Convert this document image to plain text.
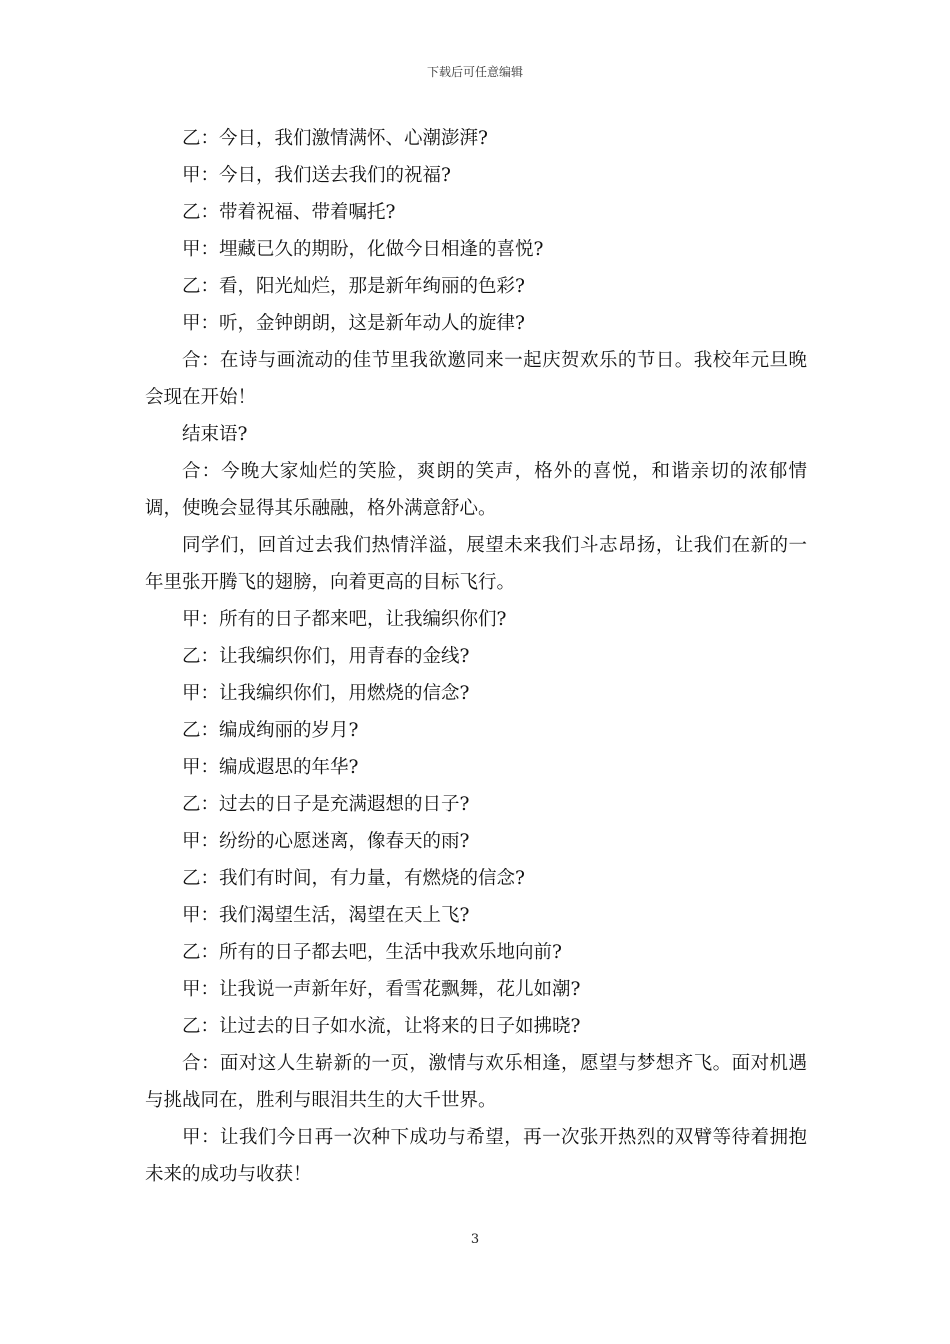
下载后可任意编辑

乙：今日，我们激情满怀、心潮澎湃?

甲：今日，我们送去我们的祝福?

乙：带着祝福、带着嘱托?

甲：埋藏已久的期盼，化做今日相逢的喜悦?

乙：看，阳光灿烂，那是新年绚丽的色彩?

甲：听，金钟朗朗，这是新年动人的旋律?

合：在诗与画流动的佳节里我欲邀同来一起庆贺欢乐的节日。我校年元旦晚会现在开始！

结束语?

合：今晚大家灿烂的笑脸，爽朗的笑声，格外的喜悦，和谐亲切的浓郁情调，使晚会显得其乐融融，格外满意舒心。

同学们，回首过去我们热情洋溢，展望未来我们斗志昂扬，让我们在新的一年里张开腾飞的翅膀，向着更高的目标飞行。

甲：所有的日子都来吧，让我编织你们?

乙：让我编织你们，用青春的金线?

甲：让我编织你们，用燃烧的信念?

乙：编成绚丽的岁月?

甲：编成遐思的年华?

乙：过去的日子是充满遐想的日子?

甲：纷纷的心愿迷离，像春天的雨?

乙：我们有时间，有力量，有燃烧的信念?

甲：我们渴望生活，渴望在天上飞?

乙：所有的日子都去吧，生活中我欢乐地向前?

甲：让我说一声新年好，看雪花飘舞，花儿如潮?

乙：让过去的日子如水流，让将来的日子如拂晓?

合：面对这人生崭新的一页，激情与欢乐相逢，愿望与梦想齐飞。面对机遇与挑战同在，胜利与眼泪共生的大千世界。

甲：让我们今日再一次种下成功与希望，再一次张开热烈的双臂等待着拥抱未来的成功与收获！

3
